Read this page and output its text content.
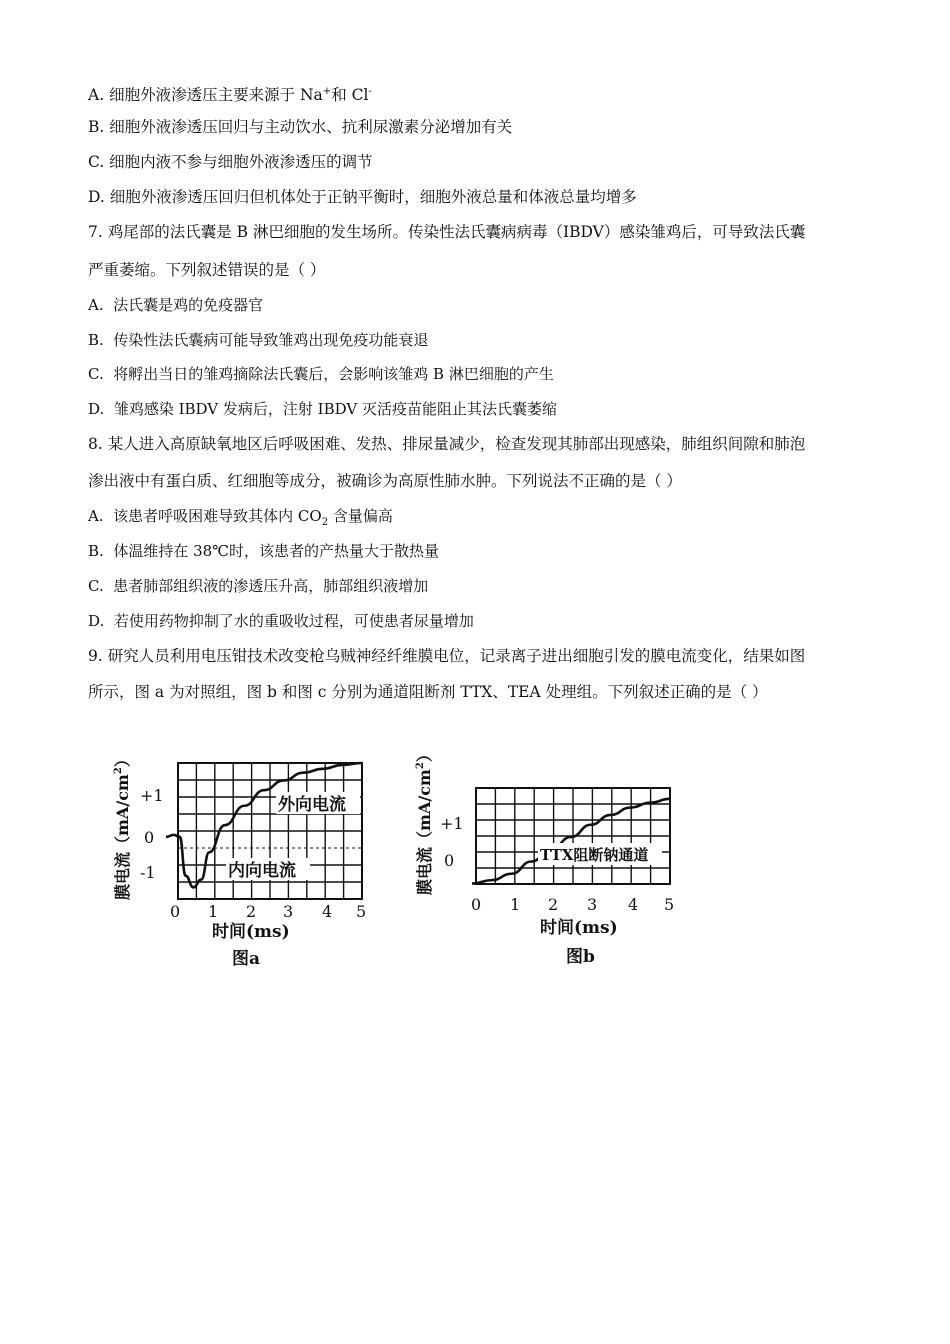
A. 细胞外液渗透压主要来源于 Na+和 Cl-
B. 细胞外液渗透压回归与主动饮水、抗利尿激素分泌增加有关
C. 细胞内液不参与细胞外液渗透压的调节
D. 细胞外液渗透压回归但机体处于正钠平衡时，细胞外液总量和体液总量均增多
7. 鸡尾部的法氏囊是 B 淋巴细胞的发生场所。传染性法氏囊病病毒（IBDV）感染雏鸡后，可导致法氏囊
严重萎缩。下列叙述错误的是（ ）
A. 法氏囊是鸡的免疫器官
B. 传染性法氏囊病可能导致雏鸡出现免疫功能衰退
C. 将孵出当日的雏鸡摘除法氏囊后，会影响该雏鸡 B 淋巴细胞的产生
D. 雏鸡感染 IBDV 发病后，注射 IBDV 灭活疫苗能阻止其法氏囊萎缩
8. 某人进入高原缺氧地区后呼吸困难、发热、排尿量减少，检查发现其肺部出现感染，肺组织间隙和肺泡
渗出液中有蛋白质、红细胞等成分，被确诊为高原性肺水肿。下列说法不正确的是（ ）
A. 该患者呼吸困难导致其体内 $CO_2$ 含量偏高
B. 体温维持在 38℃时，该患者的产热量大于散热量
C. 患者肺部组织液的渗透压升高，肺部组织液增加
D. 若使用药物抑制了水的重吸收过程，可使患者尿量增加
9. 研究人员利用电压钳技术改变枪乌贼神经纤维膜电位，记录离子进出细胞引发的膜电流变化，结果如图
所示，图 a 为对照组，图 b 和图 c 分别为通道阻断剂 TTX、TEA 处理组。下列叙述正确的是（ ）
膜电流$(mA/cm^2)$
+1
0
-1
0 1 2 3 4 5
外向电流
内向电流
时间(ms)
图a
膜电流$(mA/cm^2)$
+1
0
0 1 2 3 4 5
TTX阻断钠通道
时间(ms)
图b
